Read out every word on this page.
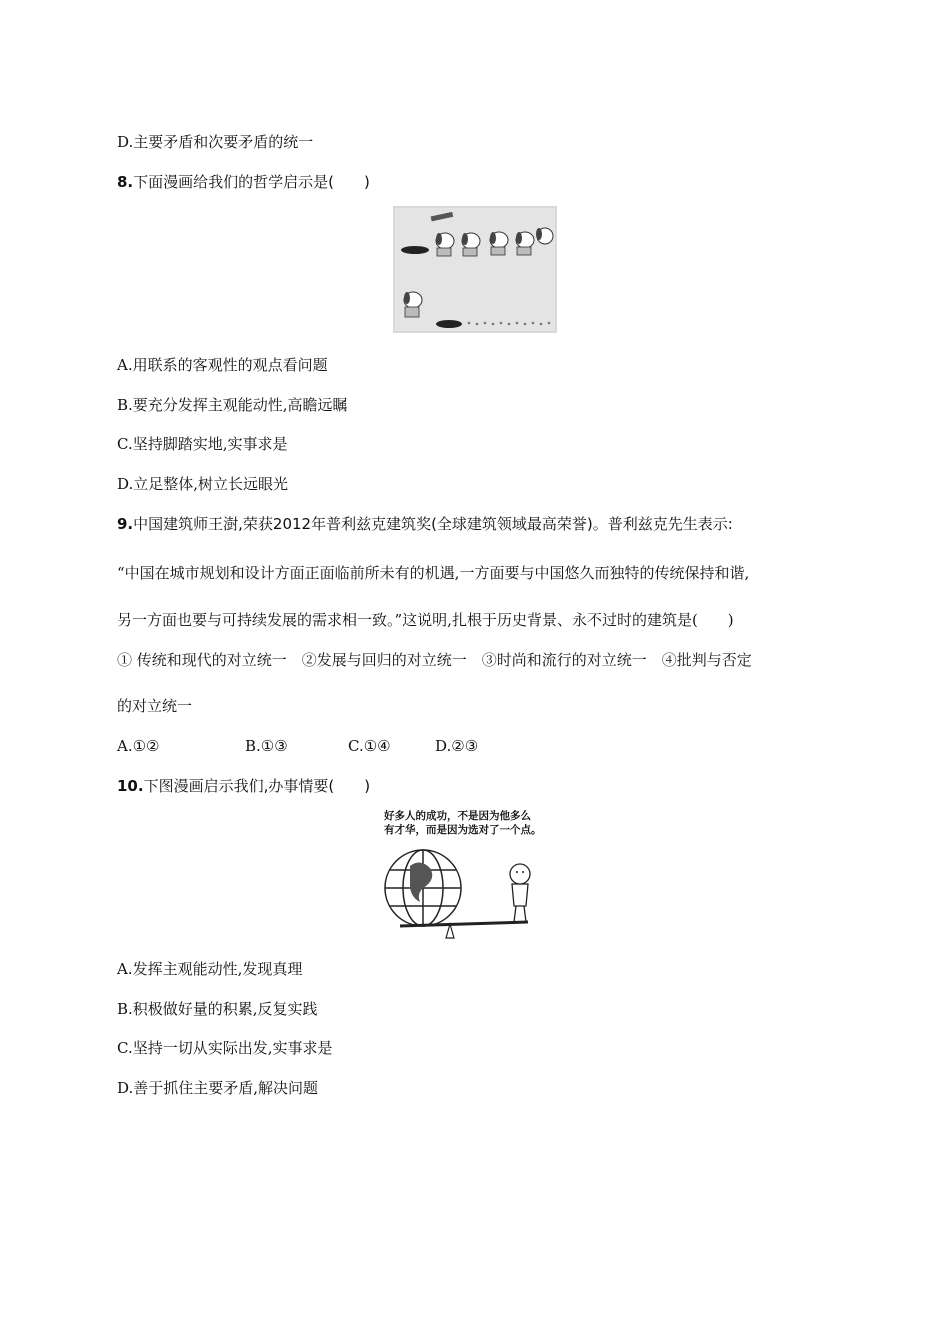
D.主要矛盾和次要矛盾的统一
8.下面漫画给我们的哲学启示是(　　)
A.用联系的客观性的观点看问题
B.要充分发挥主观能动性,高瞻远瞩
C.坚持脚踏实地,实事求是
D.立足整体,树立长远眼光
9.中国建筑师王澍,荣获2012年普利兹克建筑奖(全球建筑领域最高荣誉)。普利兹克先生表示:
“中国在城市规划和设计方面正面临前所未有的机遇,一方面要与中国悠久而独特的传统保持和谐,
另一方面也要与可持续发展的需求相一致。”这说明,扎根于历史背景、永不过时的建筑是(　　)
① 传统和现代的对立统一　②发展与回归的对立统一　③时尚和流行的对立统一　④批判与否定
的对立统一
A.①②	B.①③	C.①④	D.②③
10.下图漫画启示我们,办事情要(　　)
好多人的成功，不是因为他多么
有才华，而是因为选对了一个点。
A.发挥主观能动性,发现真理
B.积极做好量的积累,反复实践
C.坚持一切从实际出发,实事求是
D.善于抓住主要矛盾,解决问题
